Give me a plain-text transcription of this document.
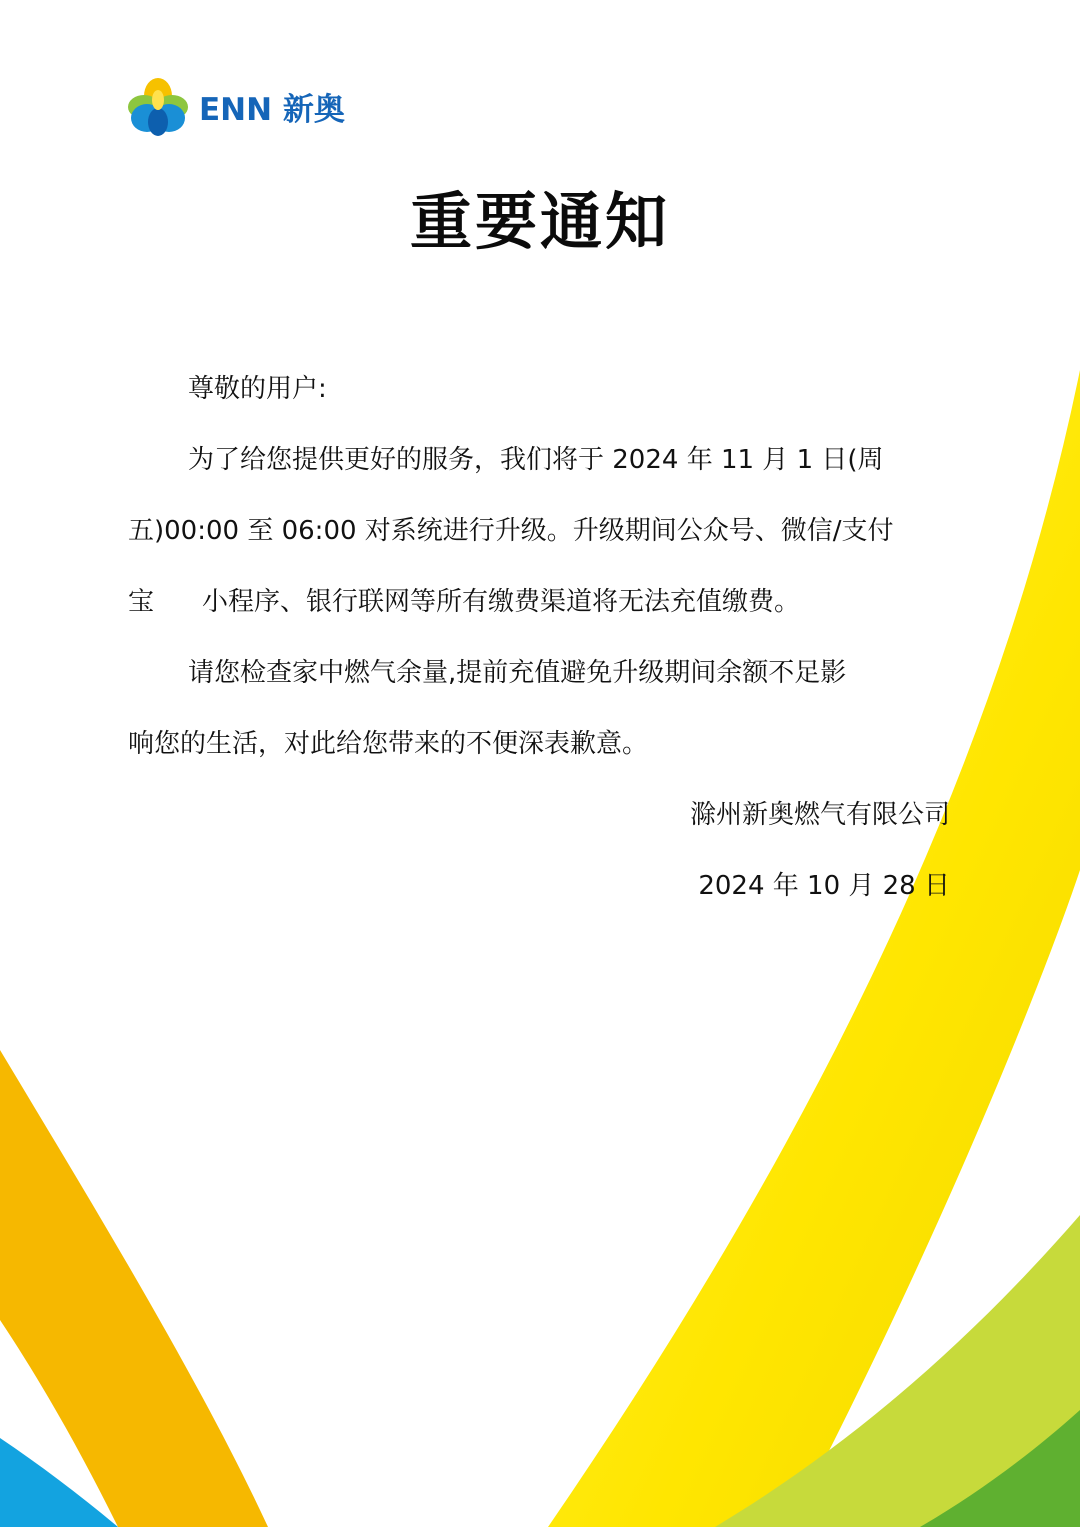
ENN 新奥
重要通知
尊敬的用户:
为了给您提供更好的服务，我们将于 2024 年 11 月 1 日(周
五)00:00 至 06:00 对系统进行升级。升级期间公众号、微信/支付
宝 小程序、银行联网等所有缴费渠道将无法充值缴费。
请您检查家中燃气余量,提前充值避免升级期间余额不足影
响您的生活，对此给您带来的不便深表歉意。
滁州新奥燃气有限公司
2024 年 10 月 28 日
